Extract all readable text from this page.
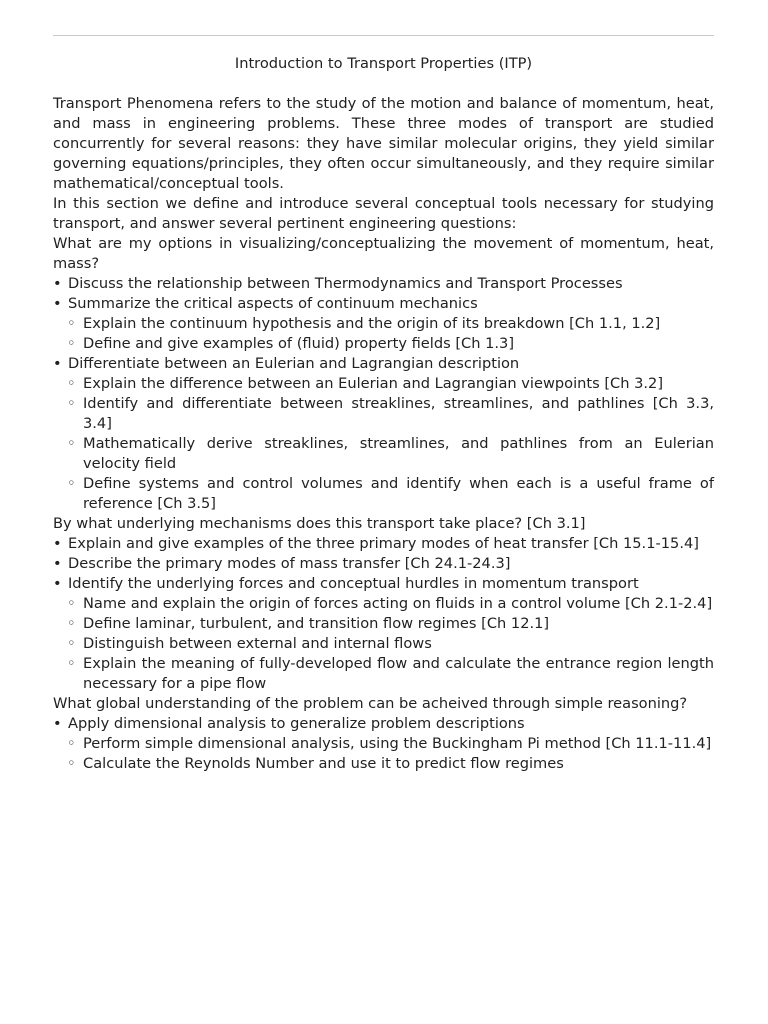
Introduction to Transport Properties (ITP)

Transport Phenomena refers to the study of the motion and balance of momentum, heat, and mass in engineering problems. These three modes of transport are studied concurrently for several reasons: they have similar molecular origins, they yield similar governing equations/principles, they often occur simultaneously, and they require similar mathematical/conceptual tools.

In this section we define and introduce several conceptual tools necessary for studying transport, and answer several pertinent engineering questions:

What are my options in visualizing/conceptualizing the movement of momentum, heat, mass?

• Discuss the relationship between Thermodynamics and Transport Processes
• Summarize the critical aspects of continuum mechanics
◦ Explain the continuum hypothesis and the origin of its breakdown [Ch 1.1, 1.2]
◦ Define and give examples of (fluid) property fields [Ch 1.3]
• Differentiate between an Eulerian and Lagrangian description
◦ Explain the difference between an Eulerian and Lagrangian viewpoints [Ch 3.2]
◦ Identify and differentiate between streaklines, streamlines, and pathlines [Ch 3.3, 3.4]
◦ Mathematically derive streaklines, streamlines, and pathlines from an Eulerian velocity field
◦ Define systems and control volumes and identify when each is a useful frame of reference [Ch 3.5]

By what underlying mechanisms does this transport take place? [Ch 3.1]

• Explain and give examples of the three primary modes of heat transfer [Ch 15.1-15.4]
• Describe the primary modes of mass transfer [Ch 24.1-24.3]
• Identify the underlying forces and conceptual hurdles in momentum transport
◦ Name and explain the origin of forces acting on fluids in a control volume [Ch 2.1-2.4]
◦ Define laminar, turbulent, and transition flow regimes [Ch 12.1]
◦ Distinguish between external and internal flows
◦ Explain the meaning of fully-developed flow and calculate the entrance region length necessary for a pipe flow

What global understanding of the problem can be acheived through simple reasoning?

• Apply dimensional analysis to generalize problem descriptions
◦ Perform simple dimensional analysis, using the Buckingham Pi method [Ch 11.1-11.4]
◦ Calculate the Reynolds Number and use it to predict flow regimes
